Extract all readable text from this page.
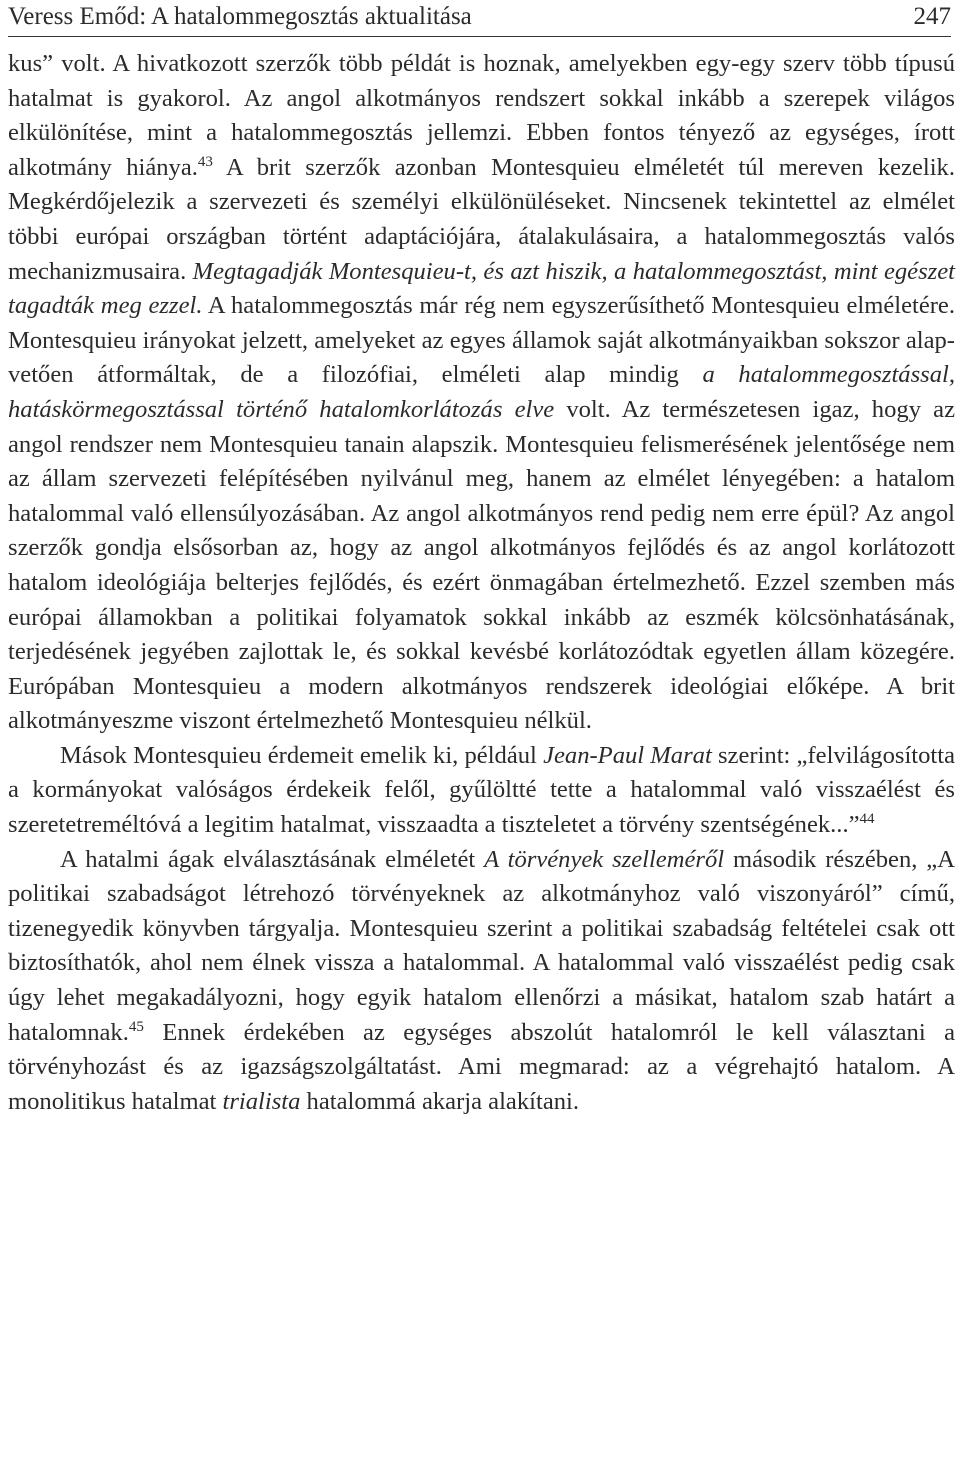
Veress Emőd: A hatalommegosztás aktualitása	247

kus” volt. A hivatkozott szerzők több példát is hoznak, amelyekben egy-egy szerv több típusú hatalmat is gyakorol. Az angol alkotmányos rendszert sokkal inkább a szerepek világos elkülönítése, mint a hatalommegosztás jellemzi. Ebben fontos tényező az egységes, írott alkotmány hiánya.$^{43}$ A brit szerzők azonban Montesquieu elméletét túl mereven kezelik. Megkérdőjelezik a szervezeti és személyi elkülönüléseket. Nincsenek tekintettel az elmélet többi európai országban történt adaptációjára, átalakulásaira, a hatalommegosztás valós mechanizmusaira. Megtagadják Montesquieu-t, és azt hiszik, a hatalommegosztást, mint egészet tagadták meg ezzel. A hatalommegosztás már rég nem egyszerűsíthető Montesquieu elméletére. Montesquieu irányokat jelzett, amelyeket az egyes államok saját alkotmányaikban sokszor alapvetően átformáltak, de a filozófiai, elméleti alap mindig a hatalommegosztással, hatáskörmegosztással történő hatalomkorlátozás elve volt. Az természetesen igaz, hogy az angol rendszer nem Montesquieu tanain alapszik. Montesquieu felismerésének jelentősége nem az állam szervezeti felépítésében nyilvánul meg, hanem az elmélet lényegében: a hatalom hatalommal való ellensúlyozásában. Az angol alkotmányos rend pedig nem erre épül? Az angol szerzők gondja elsősorban az, hogy az angol alkotmányos fejlődés és az angol korlátozott hatalom ideológiája belterjes fejlődés, és ezért önmagában értelmezhető. Ezzel szemben más európai államokban a politikai folyamatok sokkal inkább az eszmék kölcsönhatásának, terjedésének jegyében zajlottak le, és sokkal kevésbé korlátozódtak egyetlen állam közegére. Európában Montesquieu a modern alkotmányos rendszerek ideológiai előképe. A brit alkotmányeszme viszont értelmezhető Montesquieu nélkül.

Mások Montesquieu érdemeit emelik ki, például Jean-Paul Marat szerint: „felvilágosította a kormányokat valóságos érdekeik felől, gyűlöltté tette a hatalommal való visszaélést és szeretetreméltóvá a legitim hatalmat, visszaadta a tiszteletet a törvény szentségének...”$^{44}$

A hatalmi ágak elválasztásának elméletét A törvények szelleméről második részében, „A politikai szabadságot létrehozó törvényeknek az alkotmányhoz való viszonyáról” című, tizenegyedik könyvben tárgyalja. Montesquieu szerint a politikai szabadság feltételei csak ott biztosíthatók, ahol nem élnek vissza a hatalommal. A hatalommal való visszaélést pedig csak úgy lehet megakadályozni, hogy egyik hatalom ellenőrzi a másikat, hatalom szab határt a hatalomnak.$^{45}$ Ennek érdekében az egységes abszolút hatalomról le kell választani a törvényhozást és az igazságszolgáltatást. Ami megmarad: az a végrehajtó hatalom. A monolitikus hatalmat trialista hatalommá akarja alakítani.
